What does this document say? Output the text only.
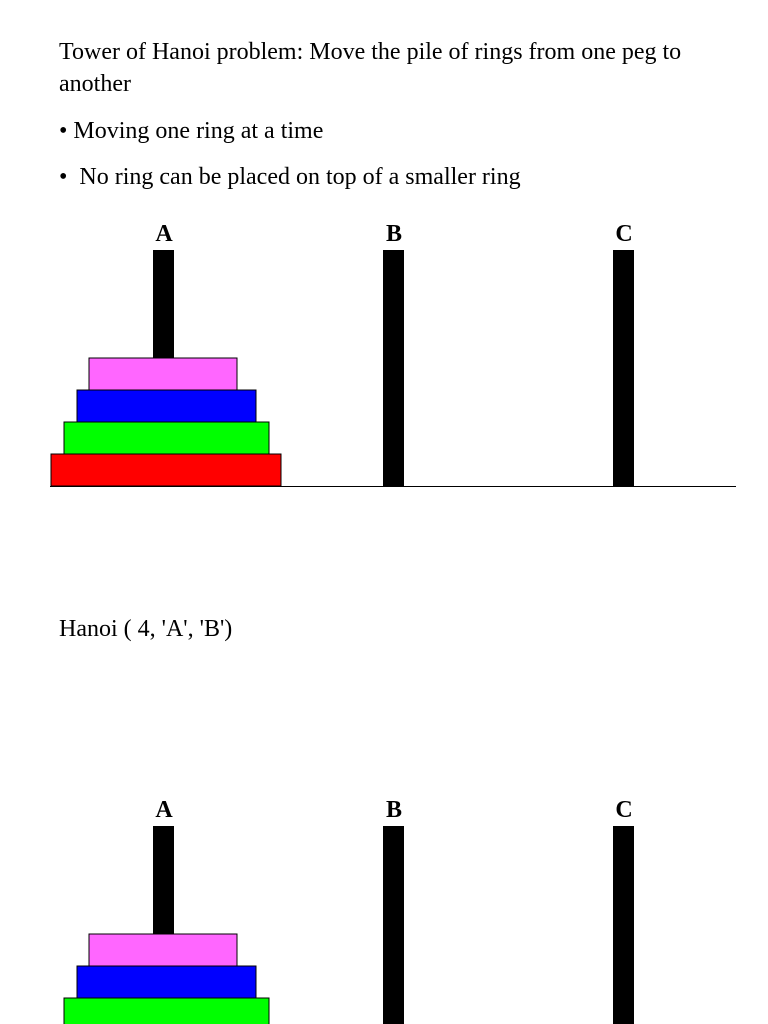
Tower of Hanoi problem: Move the pile of rings from one peg to another
• Moving one ring at a time
• No ring can be placed on top of a smaller ring
Hanoi ( 4, 'A', 'B')
A	B	C
A	B	C
